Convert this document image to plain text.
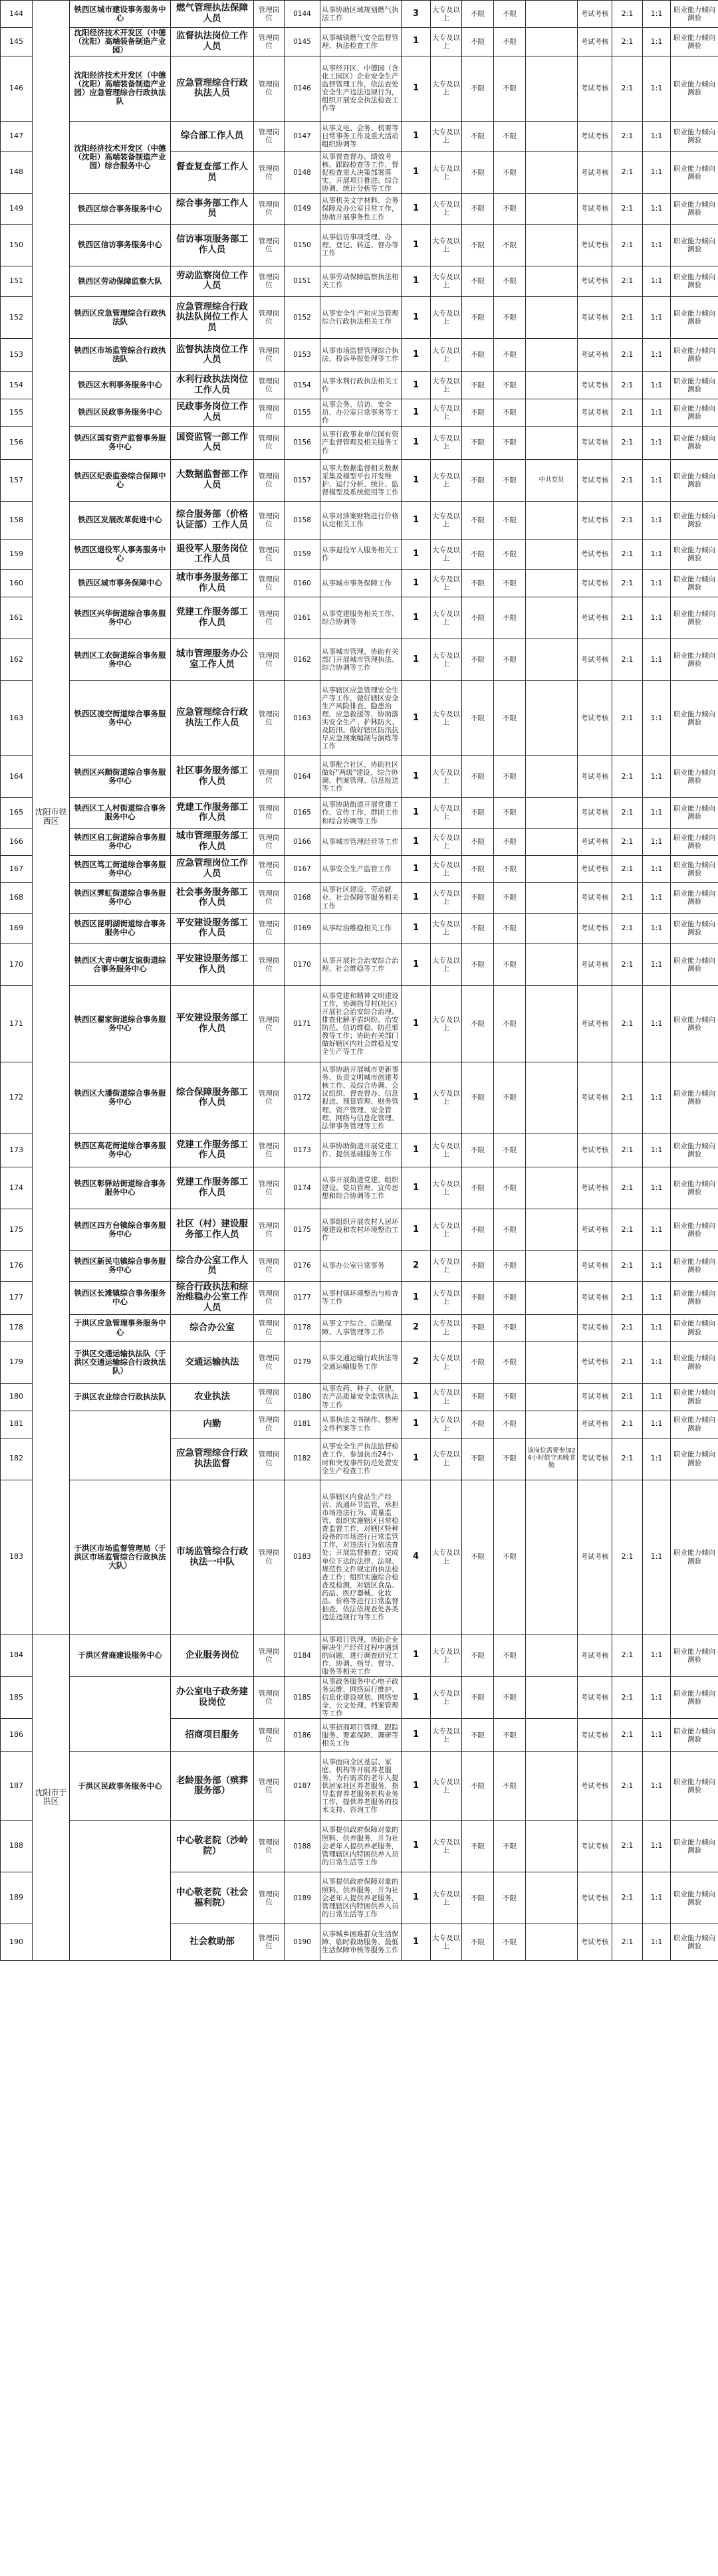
144	沈阳市铁西区	铁西区城市建设事务服务中心	燃气管理执法保障人员	管理岗位	0144	从事协助区域规划燃气执法工作	3	大专及以上	不限	不限		考试考核	2:1	1:1	职业能力倾向测验
145		沈阳经济技术开发区（中德（沈阳）高端装备制造产业园）	监督执法岗位工作人员	管理岗位	0145	从事城镇燃气安全监督管理、执法检查工作	1	大专及以上	不限	不限		考试考核	2:1	1:1	职业能力倾向测验
146		沈阳经济技术开发区（中德（沈阳）高端装备制造产业园）应急管理综合行政执法队	应急管理综合行政执法人员	管理岗位	0146	从事经开区、中德园（含化工园区）企业安全生产监督管理工作，依法查处安全生产违法违规行为，组织开展安全执法检查工作等	1	大专及以上	不限	不限		考试考核	2:1	1:1	职业能力倾向测验
147		沈阳经济技术开发区（中德（沈阳）高端装备制造产业园）综合服务中心	综合部工作人员	管理岗位	0147	从事文电、会务、机要等日常事务工作及重大活动组织协调等	1	大专及以上	不限	不限		考试考核	2:1	1:1	职业能力倾向测验
148			督查复查部工作人员	管理岗位	0148	从事督查督办、绩效考核、跟踪检查等工作，督促检查重大决策部署落实，开展项目推进、综合协调、统计分析等工作	1	大专及以上	不限	不限		考试考核	2:1	1:1	职业能力倾向测验
149		铁西区综合事务服务中心	综合事务部工作人员	管理岗位	0149	从事机关文字材料、会务保障及办公室日常工作，协助开展事务性工作	1	大专及以上	不限	不限		考试考核	2:1	1:1	职业能力倾向测验
150		铁西区信访事务服务中心	信访事项服务部工作人员	管理岗位	0150	从事信访事项受理、办理、登记、转送、督办等工作	1	大专及以上	不限	不限		考试考核	2:1	1:1	职业能力倾向测验
151		铁西区劳动保障监察大队	劳动监察岗位工作人员	管理岗位	0151	从事劳动保障监察执法相关工作	1	大专及以上	不限	不限		考试考核	2:1	1:1	职业能力倾向测验
152		铁西区应急管理综合行政执法队	应急管理综合行政执法队岗位工作人员	管理岗位	0152	从事安全生产和应急管理综合行政执法相关工作	1	大专及以上	不限	不限		考试考核	2:1	1:1	职业能力倾向测验
153		铁西区市场监管综合行政执法队	监督执法岗位工作人员	管理岗位	0153	从事市场监督管理综合执法、投诉举报处理等工作	1	大专及以上	不限	不限		考试考核	2:1	1:1	职业能力倾向测验
154		铁西区水利事务服务中心	水利行政执法岗位工作人员	管理岗位	0154	从事水利行政执法相关工作	1	大专及以上	不限	不限		考试考核	2:1	1:1	职业能力倾向测验
155		铁西区民政事务服务中心	民政事务岗位工作人员	管理岗位	0155	从事会务、信访、安全员、办公室日常事务等工作	1	大专及以上	不限	不限		考试考核	2:1	1:1	职业能力倾向测验
156		铁西区国有资产监督事务服务中心	国资监管一部工作人员	管理岗位	0156	从事行政事业单位国有资产监督管理及相关服务工作	1	大专及以上	不限	不限		考试考核	2:1	1:1	职业能力倾向测验
157		铁西区纪委监委综合保障中心	大数据监督部工作人员	管理岗位	0157	从事大数据监督相关数据采集及模型平台开发维护、运行分析、统计、监督模型及系统使用等工作	1	大专及以上	不限	不限	中共党员	考试考核	2:1	1:1	职业能力倾向测验
158		铁西区发展改革促进中心	综合服务部（价格认证部）工作人员	管理岗位	0158	从事对涉案财物进行价格认定相关工作	1	大专及以上	不限	不限		考试考核	2:1	1:1	职业能力倾向测验
159		铁西区退役军人事务服务中心	退役军人服务岗位工作人员	管理岗位	0159	从事退役军人服务相关工作	1	大专及以上	不限	不限		考试考核	2:1	1:1	职业能力倾向测验
160		铁西区城市事务保障中心	城市事务服务部工作人员	管理岗位	0160	从事城市事务保障工作	1	大专及以上	不限	不限		考试考核	2:1	1:1	职业能力倾向测验
161		铁西区兴华街道综合事务服务中心	党建工作服务部工作人员	管理岗位	0161	从事党建服务相关工作、综合协调等	1	大专及以上	不限	不限		考试考核	2:1	1:1	职业能力倾向测验
162		铁西区工农街道综合事务服务中心	城市管理服务办公室工作人员	管理岗位	0162	从事城市管理、协助有关部门开展城市管理执法、综合协调等工作	1	大专及以上	不限	不限		考试考核	2:1	1:1	职业能力倾向测验
163		铁西区凌空街道综合事务服务中心	应急管理综合行政执法工作人员	管理岗位	0163	从事辖区应急管理安全生产等工作，做好辖区安全生产风险排查、隐患治理，应急救援等，协助落实安全生产、护林防火、及防汛、做好辖区防汛抗旱应急预案编制与演练等工作	1	大专及以上	不限	不限		考试考核	2:1	1:1	职业能力倾向测验
164		铁西区兴顺街道综合事务服务中心	社区事务服务部工作人员	管理岗位	0164	从事配合社区、协助社区做好"两级"建设、综合协调、档案管理、信息报送等工作	1	大专及以上	不限	不限		考试考核	2:1	1:1	职业能力倾向测验
165		铁西区工人村街道综合事务服务中心	党建工作服务部工作人员	管理岗位	0165	从事协助街道开展党建工作、宣传工作、群团工作和综合协调等工作	1	大专及以上	不限	不限		考试考核	2:1	1:1	职业能力倾向测验
166		铁西区启工街道综合事务服务中心	城市管理服务部工作人员	管理岗位	0166	从事城市管理经营等工作	1	大专及以上	不限	不限		考试考核	2:1	1:1	职业能力倾向测验
167		铁西区笃工街道综合事务服务中心	应急管理岗位工作人员	管理岗位	0167	从事安全生产监管工作	1	大专及以上	不限	不限		考试考核	2:1	1:1	职业能力倾向测验
168		铁西区霁虹街道综合事务服务中心	社会事务服务部工作人员	管理岗位	0168	从事社区建设、劳动就业、社会保障等服务相关工作	1	大专及以上	不限	不限		考试考核	2:1	1:1	职业能力倾向测验
169		铁西区昆明湖街道综合事务服务中心	平安建设服务部工作人员	管理岗位	0169	从事综治维稳相关工作	1	大专及以上	不限	不限		考试考核	2:1	1:1	职业能力倾向测验
170		铁西区大青中朝友谊街道综合事务服务中心	平安建设服务部工作人员	管理岗位	0170	从事开展社会治安综合治理、社会维稳等工作	1	大专及以上	不限	不限		考试考核	2:1	1:1	职业能力倾向测验
171		铁西区翟家街道综合事务服务中心	平安建设服务部工作人员	管理岗位	0171	从事党建和精神文明建设工作，协调指导村(社区)开展社会治安综合治理、排查化解矛盾纠纷、治安防范、信访维稳、防范邪教等工作；协助有关部门做好辖区内社会维稳及安全生产等工作	1	大专及以上	不限	不限		考试考核	2:1	1:1	职业能力倾向测验
172		铁西区大潘街道综合事务服务中心	综合保障服务部工作人员	管理岗位	0172	从事协助开展城市更新事务、负责文明城市创建考核工作、及综合协调、会议组织、督查督办、信息报送、预算管理、财务管理、资产管理、安全管理、网络与信息化管理、法律事务管理等工作	1	大专及以上	不限	不限		考试考核	2:1	1:1	职业能力倾向测验
173		铁西区高花街道综合事务服务中心	党建工作服务部工作人员	管理岗位	0173	从事协助街道开展党建工作、提供基础服务工作	1	大专及以上	不限	不限		考试考核	2:1	1:1	职业能力倾向测验
174		铁西区彰驿站街道综合事务服务中心	党建工作服务部工作人员	管理岗位	0174	从事开展街道党建、组织建设、党员管理、宣传思想和综合协调等工作	1	大专及以上	不限	不限		考试考核	2:1	1:1	职业能力倾向测验
175		铁西区四方台镇综合事务服务中心	社区（村）建设服务部工作人员	管理岗位	0175	从事组织开展农村人居环境建设和农村环境整治工作	1	大专及以上	不限	不限		考试考核	2:1	1:1	职业能力倾向测验
176		铁西区新民屯镇综合事务服务中心	综合办公室工作人员	管理岗位	0176	从事办公室日常事务	2	大专及以上	不限	不限		考试考核	2:1	1:1	职业能力倾向测验
177		铁西区长滩镇综合事务服务中心	综合行政执法和综治维稳办公室工作人员	管理岗位	0177	从事村镇环境整治与检查等工作	1	大专及以上	不限	不限		考试考核	2:1	1:1	职业能力倾向测验
178		于洪区应急管理事务服务中心	综合办公室	管理岗位	0178	从事文字综合、后勤保障、人事管理等工作	2	大专及以上	不限	不限		考试考核	2:1	1:1	职业能力倾向测验
179		于洪区交通运输执法队（于洪区交通运输综合行政执法队）	交通运输执法	管理岗位	0179	从事交通运输行政执法等交通运输服务工作	2	大专及以上	不限	不限		考试考核	2:1	1:1	职业能力倾向测验
180		于洪区农业综合行政执法队	农业执法	管理岗位	0180	从事农药、种子、化肥、农产品质量安全监管执法等工作	1	大专及以上	不限	不限		考试考核	2:1	1:1	职业能力倾向测验
181			内勤	管理岗位	0181	从事执法文书制作、整理文件档案等工作	1	大专及以上	不限	不限		考试考核	2:1	1:1	职业能力倾向测验
182			应急管理综合行政执法监督	管理岗位	0182	从事安全生产执法监督检查工作，参加抗击24小时和突发事件防范处置安全生产检查工作	1	大专及以上	不限	不限	该岗位需要参加24小时值守未晚非勤	考试考核	2:1	1:1	职业能力倾向测验
183		于洪区市场监督管理局（于洪区市场监管综合行政执法大队）	市场监管综合行政执法一中队	管理岗位	0183	从事辖区内食品生产经营、流通环节监管，承担市场违法行为、质量监管，组织实施辖区日常检查监督工作，对辖区特种设备的市场进行日常监管工作，对违法行为依法查处；开展监督抽查；完成单位下达的法律、法规、规范性文件规定的执法检查工作；组织实施综合检查及检测，对辖区食品、药品、医疗器械、化妆品、价格等进行日常监督抽查，依法依规查处各类违法违规行为等工作	4	大专及以上	不限	不限		考试考核	2:1	1:1	职业能力倾向测验
184	沈阳市于洪区	于洪区营商建设服务中心	企业服务岗位	管理岗位	0184	从事项目管理、协助企业解决生产经营过程中遇到的问题，进行调查研究工作，协调、指导、督导、服务等相关工作	1	大专及以上	不限	不限		考试考核	2:1	1:1	职业能力倾向测验
185			办公室电子政务建设岗位	管理岗位	0185	从事政务服务中心电子政务运维、网络运行维护、信息化建设规划、网络安全、公文处理、档案管理等工作	1	大专及以上	不限	不限		考试考核	2:1	1:1	职业能力倾向测验
186			招商项目服务	管理岗位	0186	从事招商项目管理、跟踪服务、要素保障、调研等相关工作	1	大专及以上	不限	不限		考试考核	2:1	1:1	职业能力倾向测验
187		于洪区民政事务服务中心	老龄服务部（殡葬服务部）	管理岗位	0187	从事面向全区基层、家庭、机构等开展养老服务，为有需求的老年人提供居家社区养老服务，指导监督养老服务机构业务工作，提供养老服务的技术支持、咨询工作	1	大专及以上	不限	不限		考试考核	2:1	1:1	职业能力倾向测验
188			中心敬老院（沙岭院）	管理岗位	0188	从事提供政府保障对象的照料、供养服务，并为社会老年人提供养老服务，管理辖区内特困供养人员的日常生活等工作	1	大专及以上	不限	不限		考试考核	2:1	1:1	职业能力倾向测验
189			中心敬老院（社会福利院）	管理岗位	0189	从事提供政府保障对象的照料、供养服务，并为社会老年人提供养老服务，管理辖区内特困供养人员的日常生活等工作	1	大专及以上	不限	不限		考试考核	2:1	1:1	职业能力倾向测验
190			社会救助部	管理岗位	0190	从事城乡困难群众生活保障、临时救助服务、最低生活保障审核等服务工作	1	大专及以上	不限	不限		考试考核	2:1	1:1	职业能力倾向测验
